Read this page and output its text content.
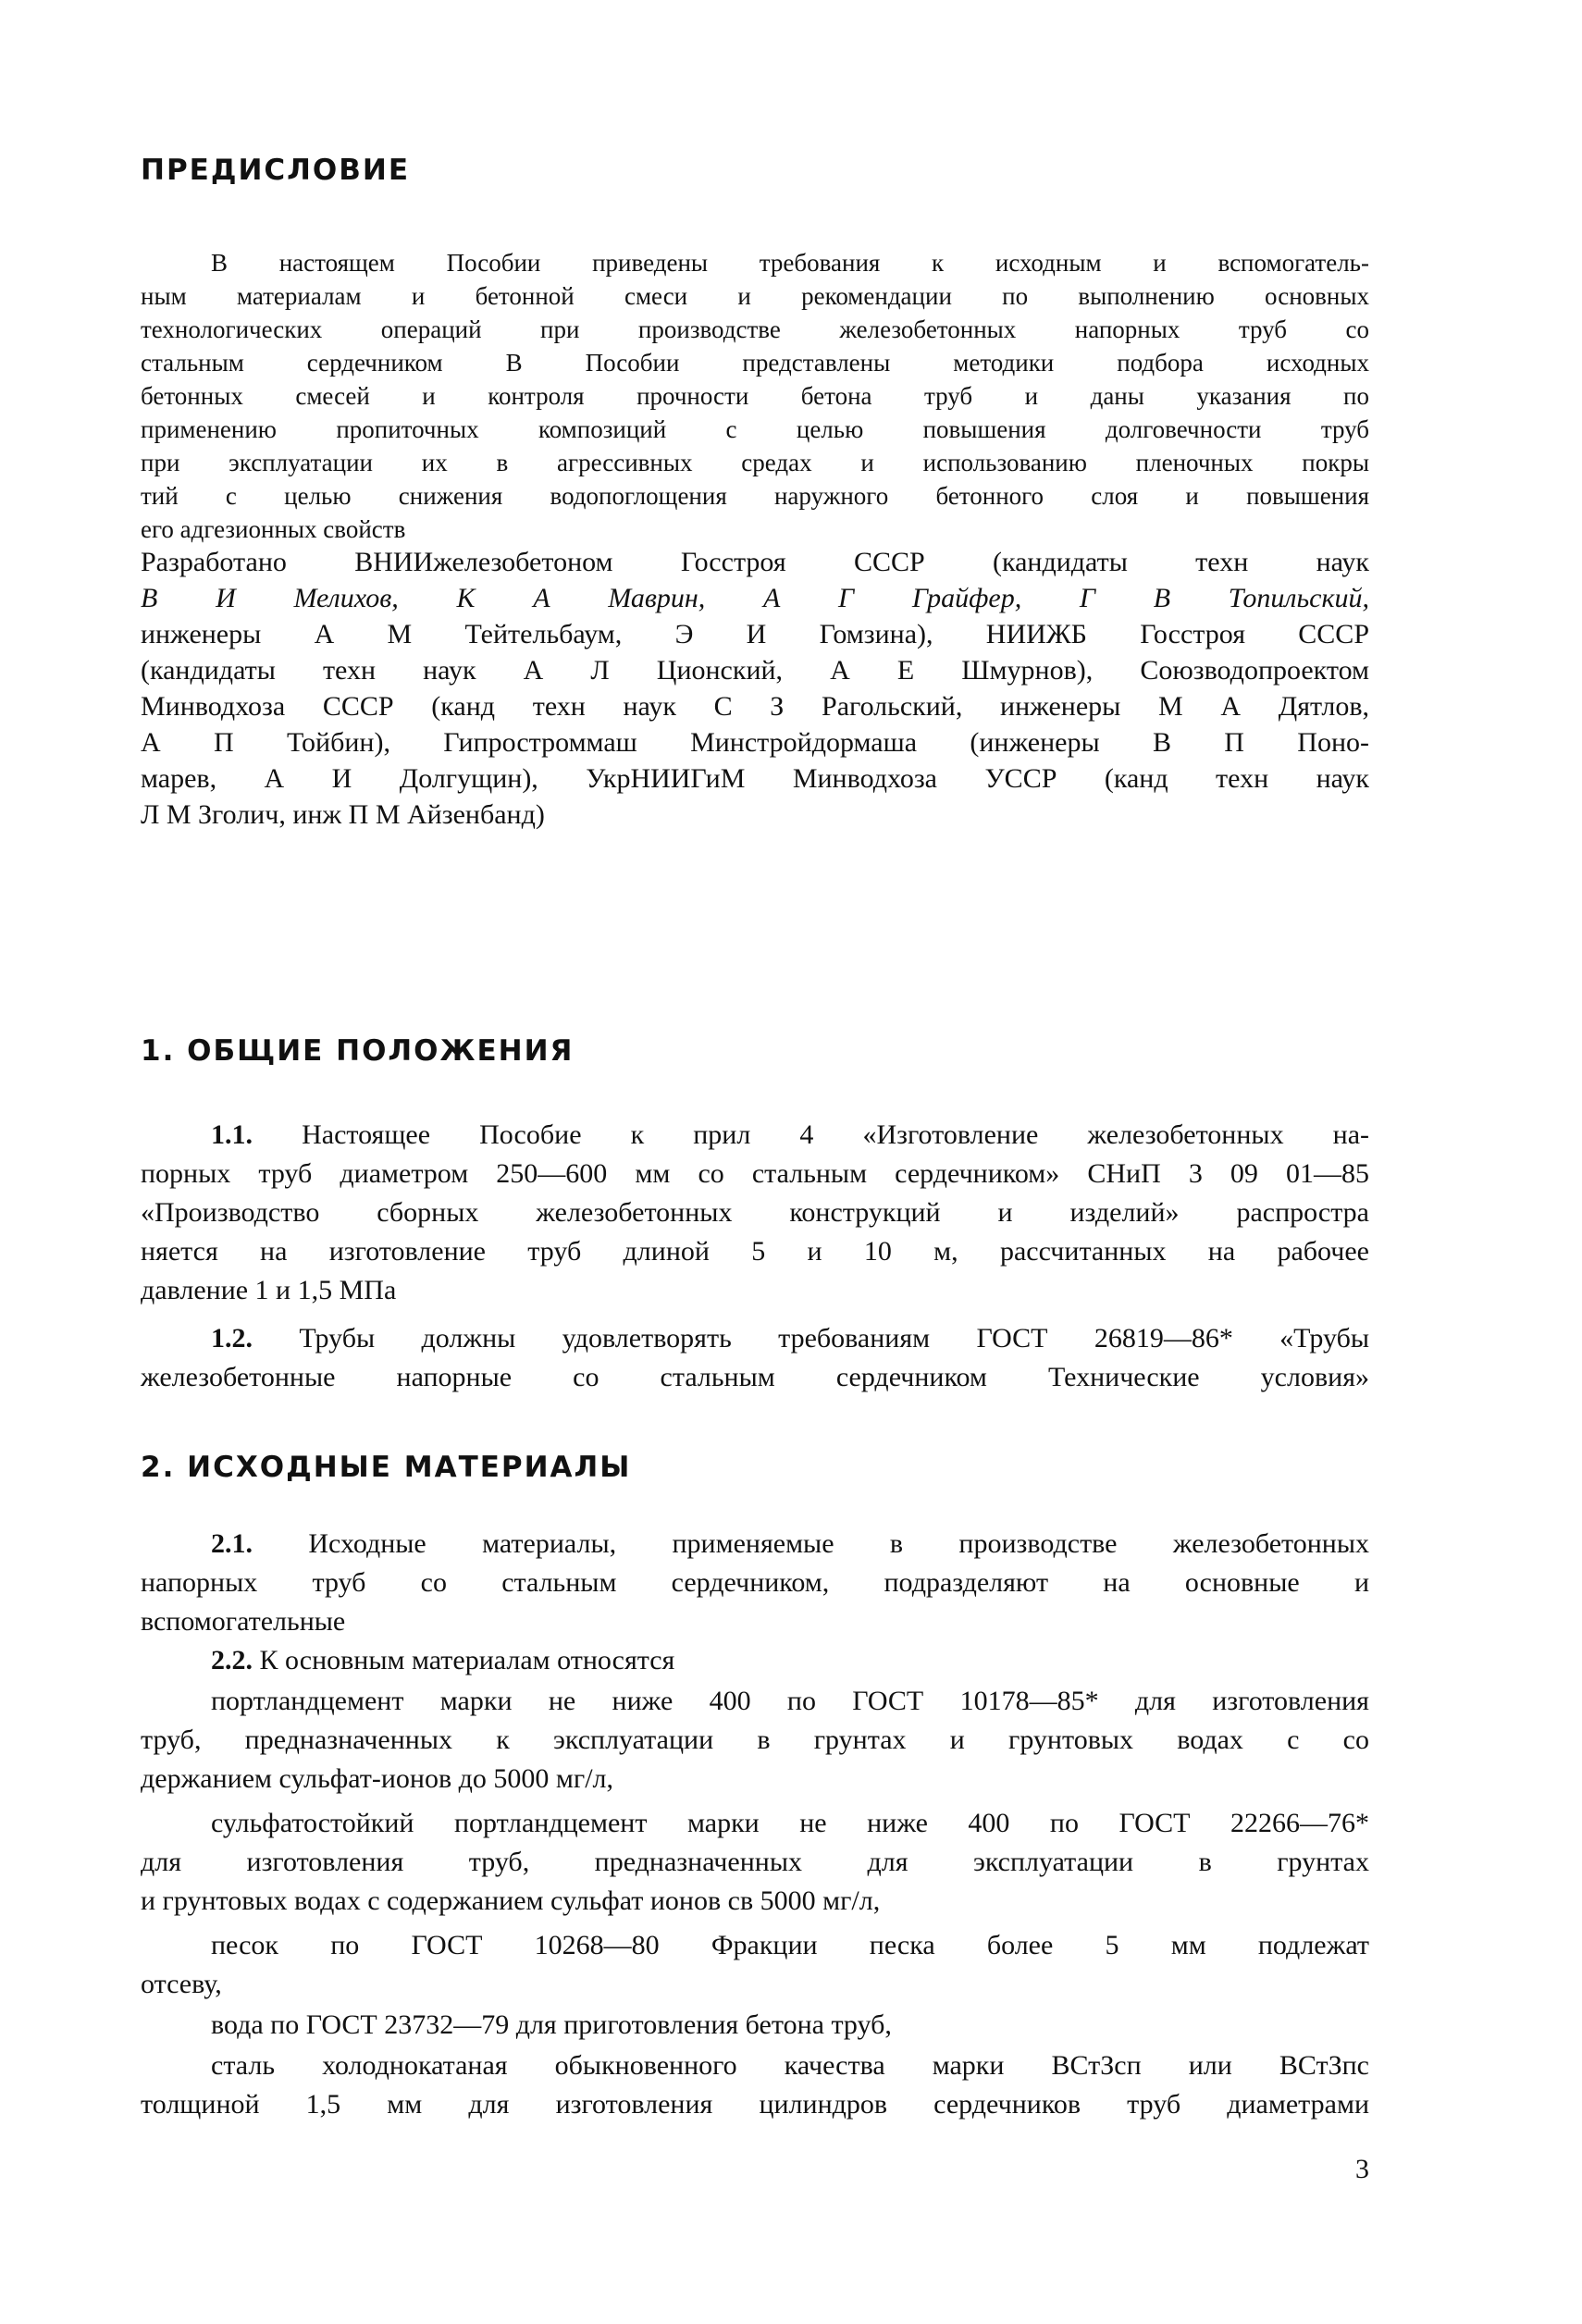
ПРЕДИСЛОВИЕ
В настоящем Пособии приведены требования к исходным и вспомогатель-
ным материалам и бетонной смеси и рекомендации по выполнению основных
технологических операций при производстве железобетонных напорных труб со
стальным сердечником В Пособии представлены методики подбора исходных
бетонных смесей и контроля прочности бетона труб и даны указания по
применению пропиточных композиций с целью повышения долговечности труб
при эксплуатации их в агрессивных средах и использованию пленочных покры
тий с целью снижения водопоглощения наружного бетонного слоя и повышения
его адгезионных свойств
Разработано ВНИИжелезобетоном Госстроя СССР (кандидаты техн наук
В И Мелихов, К А Маврин, А Г Грайфер, Г В Топильский,
инженеры А М Тейтельбаум, Э И Гомзина), НИИЖБ Госстроя СССР
(кандидаты техн наук А Л Ционский, А Е Шмурнов), Союзводопроектом
Минводхоза СССР (канд техн наук С З Рагольский, инженеры М А Дятлов,
А П Тойбин), Гипростроммаш Минстройдормаша (инженеры В П Поно-
марев, А И Долгущин), УкрНИИГиМ Минводхоза УССР (канд техн наук
Л М Зголич, инж П М Айзенбанд)
1. ОБЩИЕ ПОЛОЖЕНИЯ
1.1. Настоящее Пособие к прил 4 «Изготовление железобетонных на-
порных труб диаметром 250—600 мм со стальным сердечником» СНиП 3 09 01—85
«Производство сборных железобетонных конструкций и изделий» распростра
няется на изготовление труб длиной 5 и 10 м, рассчитанных на рабочее
давление 1 и 1,5 МПа
1.2. Трубы должны удовлетворять требованиям ГОСТ 26819—86* «Трубы
железобетонные напорные со стальным сердечником Технические условия»
2. ИСХОДНЫЕ МАТЕРИАЛЫ
2.1. Исходные материалы, применяемые в производстве железобетонных
напорных труб со стальным сердечником, подразделяют на основные и
вспомогательные
2.2. К основным материалам относятся
портландцемент марки не ниже 400 по ГОСТ 10178—85* для изготовления
труб, предназначенных к эксплуатации в грунтах и грунтовых водах с со
держанием сульфат-ионов до 5000 мг/л,
сульфатостойкий портландцемент марки не ниже 400 по ГОСТ 22266—76*
для изготовления труб, предназначенных для эксплуатации в грунтах
и грунтовых водах с содержанием сульфат ионов св 5000 мг/л,
песок по ГОСТ 10268—80 Фракции песка более 5 мм подлежат
отсеву,
вода по ГОСТ 23732—79 для приготовления бетона труб,
сталь холоднокатаная обыкновенного качества марки ВСтЗсп или ВСтЗпс
толщиной 1,5 мм для изготовления цилиндров сердечников труб диаметрами

3
